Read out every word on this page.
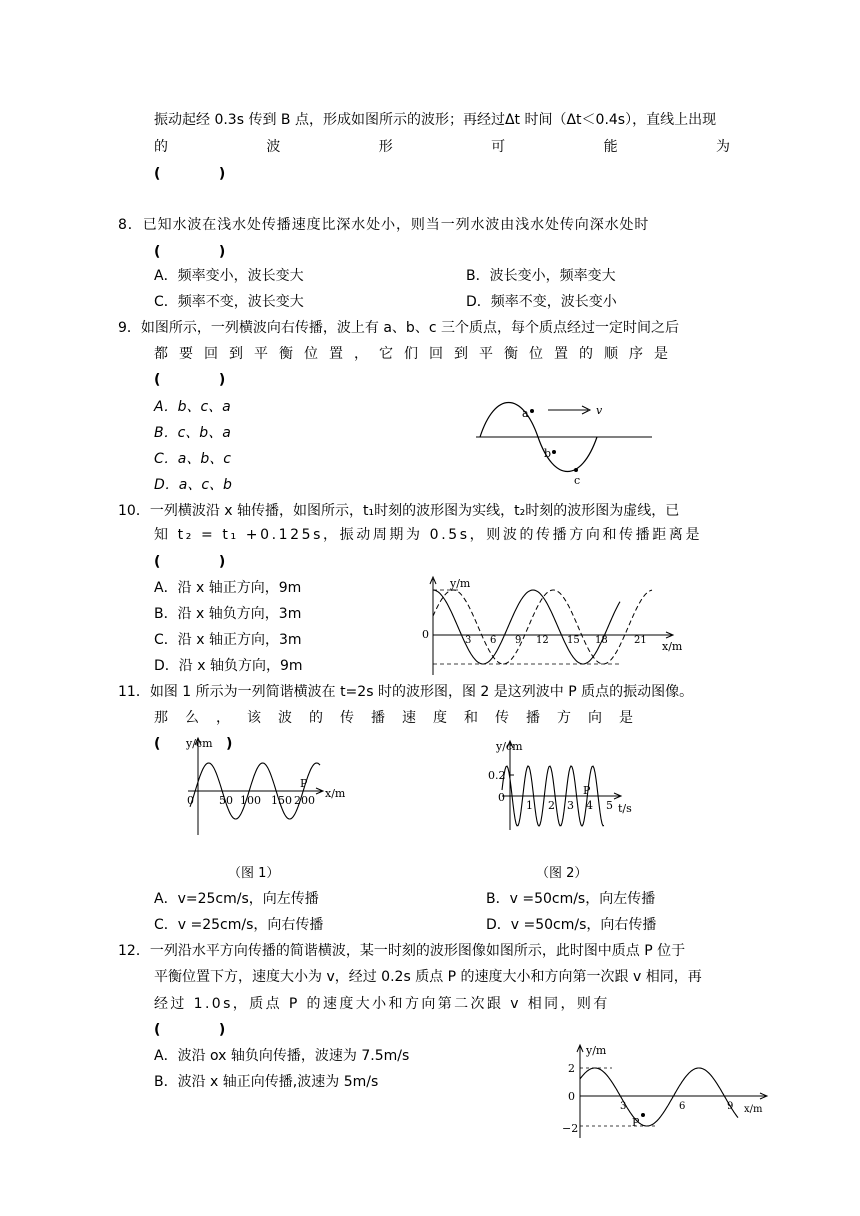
振动起经 0.3s 传到 B 点，形成如图所示的波形；再经过Δt 时间（Δt＜0.4s），直线上出现
的	波	形	可	能	为
(            )
8．已知水波在浅水处传播速度比深水处小，则当一列水波由浅水处传向深水处时
(            )
A．频率变小，波长变大	B．波长变小，频率变大
C．频率不变，波长变大	D．频率不变，波长变小
9．如图所示，一列横波向右传播，波上有 a、b、c 三个质点，每个质点经过一定时间之后
都要回到平衡位置，它们回到平衡位置的顺序是
(            )
A．b、c、a
B．c、b、a
C．a、b、c
D．a、c、b
a
b
c
v
10．一列横波沿 x 轴传播，如图所示，t₁时刻的波形图为实线，t₂时刻的波形图为虚线，已
知 t₂ = t₁ +0.125s，振动周期为 0.5s，则波的传播方向和传播距离是
(            )
A．沿 x 轴正方向，9m
B．沿 x 轴负方向，3m
C．沿 x 轴正方向，3m
D．沿 x 轴负方向，9m
y/m
x/m
0	3 6 9 12 15 18	21
11．如图 1 所示为一列简谐横波在 t=2s 时的波形图，图 2 是这列波中 P 质点的振动图像。
那么，该波的传播速度和传播方向是
(	)
y/cm
x/m
0 50 100 150 200
P
y/cm
t/s
0.2
0
1 2 3 4 5
P
（图 1）	（图 2）
A．v=25cm/s，向左传播	B．v =50cm/s，向左传播
C．v =25cm/s，向右传播	D．v =50cm/s，向右传播
12．一列沿水平方向传播的简谐横波，某一时刻的波形图像如图所示，此时图中质点 P 位于
平衡位置下方，速度大小为 v，经过 0.2s 质点 P 的速度大小和方向第一次跟 v 相同，再
经过 1.0s，质点 P 的速度大小和方向第二次跟 v 相同，则有
(            )
A．波沿 ox 轴负向传播，波速为 7.5m/s
B．波沿 x 轴正向传播,波速为 5m/s
y/m
x/m
2
0
−2
3	6	9
P
